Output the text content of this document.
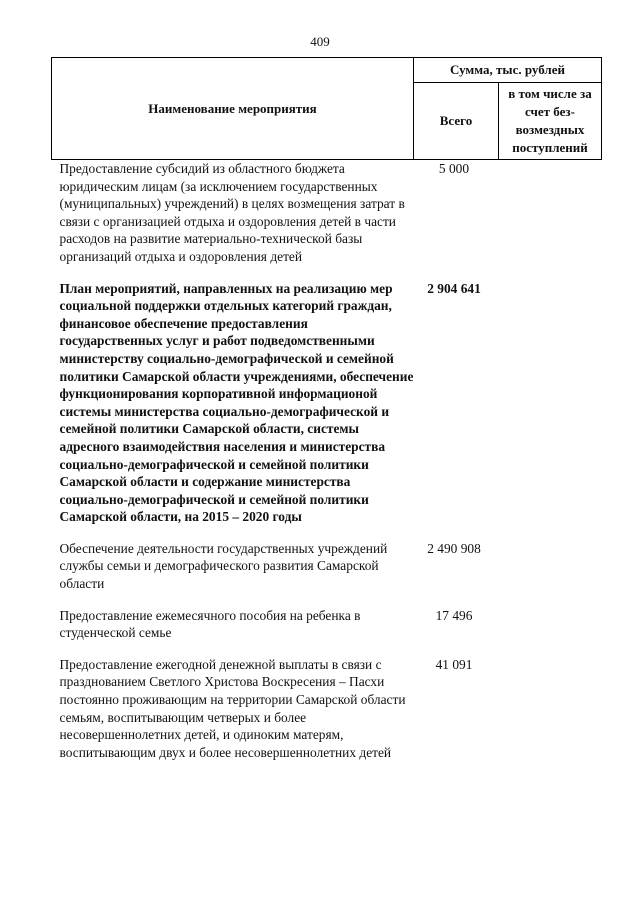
409
Наименование мероприятия	Сумма, тыс. рублей	
	Всего	в том числе за счет без-возмездных поступлений
Предоставление субсидий из областного бюджета юридическим лицам (за исключением государственных (муниципальных) учреждений) в целях возмещения затрат в связи с организацией отдыха и оздоровления детей в части расходов на развитие материально-технической базы организаций отдыха и оздоровления детей	5 000	
План мероприятий, направленных на реализацию мер социальной поддержки отдельных категорий граждан, финансовое обеспечение предоставления государственных услуг и работ подведомственными министерству социально-демографической и семейной политики Самарской области учреждениями, обеспечение функционирования корпоративной информационой системы министерства социально-демографической и семейной политики Самарской области, системы адресного взаимодействия населения и министерства социально-демографической и семейной политики Самарской области и содержание министерства социально-демографической и семейной политики Самарской области, на 2015 – 2020 годы	2 904 641	
Обеспечение деятельности государственных учреждений службы семьи и демографического развития Самарской области	2 490 908	
Предоставление ежемесячного пособия на ребенка в студенческой семье	17 496	
Предоставление ежегодной денежной выплаты в связи с празднованием Светлого Христова Воскресения – Пасхи постоянно проживающим на территории Самарской области семьям, воспитывающим четверых и более несовершеннолетних детей, и одиноким матерям, воспитывающим двух и более несовершеннолетних детей	41 091	
